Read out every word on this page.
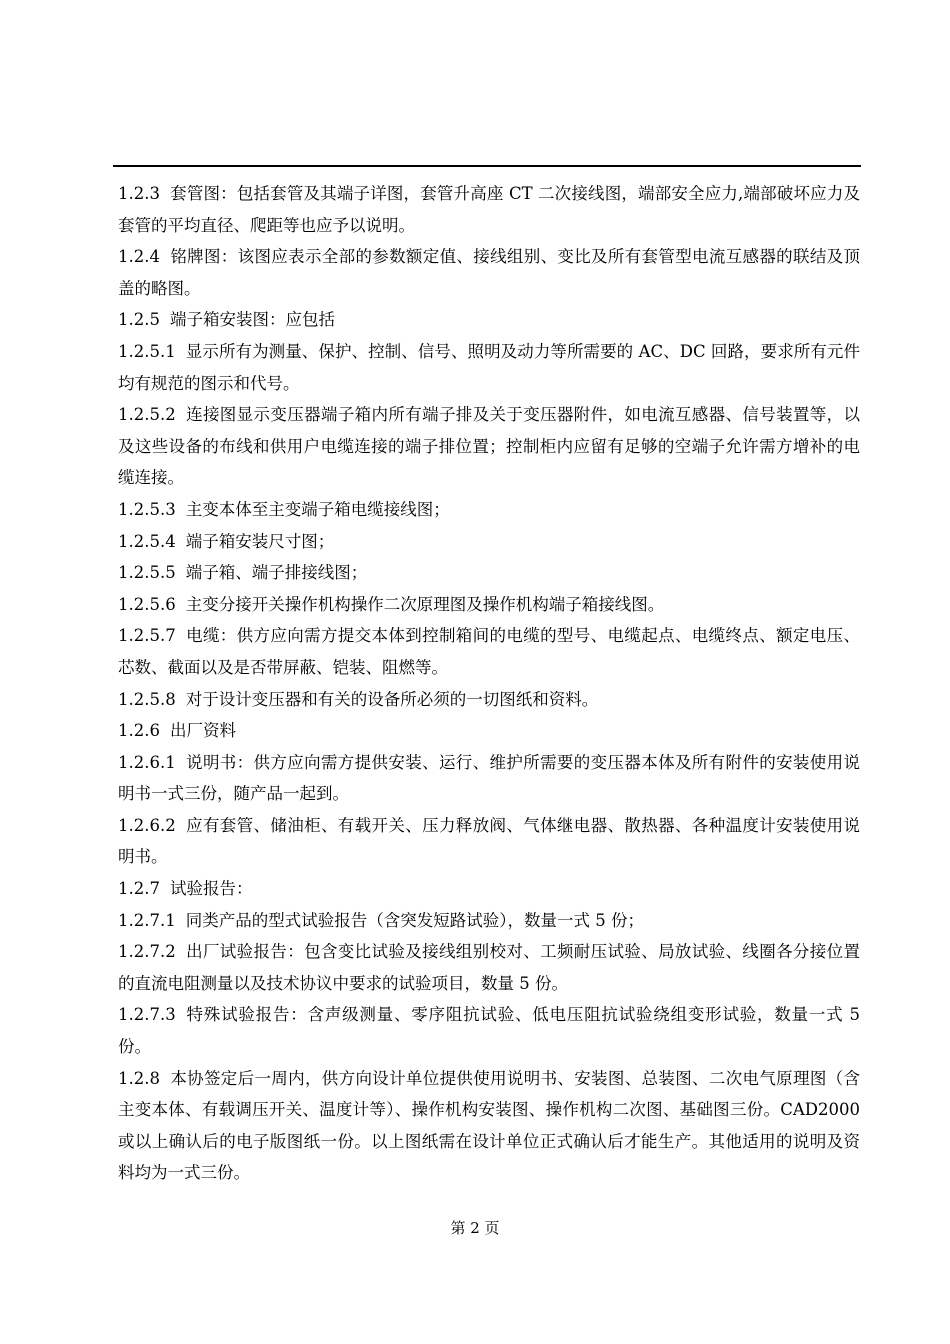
1.2.3 套管图：包括套管及其端子详图，套管升高座 CT 二次接线图，端部安全应力,端部破坏应力及套管的平均直径、爬距等也应予以说明。

1.2.4 铭牌图：该图应表示全部的参数额定值、接线组别、变比及所有套管型电流互感器的联结及顶盖的略图。

1.2.5 端子箱安装图：应包括

1.2.5.1 显示所有为测量、保护、控制、信号、照明及动力等所需要的 AC、DC 回路，要求所有元件均有规范的图示和代号。

1.2.5.2 连接图显示变压器端子箱内所有端子排及关于变压器附件，如电流互感器、信号装置等，以及这些设备的布线和供用户电缆连接的端子排位置；控制柜内应留有足够的空端子允许需方增补的电缆连接。

1.2.5.3 主变本体至主变端子箱电缆接线图；

1.2.5.4 端子箱安装尺寸图；

1.2.5.5 端子箱、端子排接线图；

1.2.5.6 主变分接开关操作机构操作二次原理图及操作机构端子箱接线图。

1.2.5.7 电缆：供方应向需方提交本体到控制箱间的电缆的型号、电缆起点、电缆终点、额定电压、芯数、截面以及是否带屏蔽、铠装、阻燃等。

1.2.5.8 对于设计变压器和有关的设备所必须的一切图纸和资料。

1.2.6 出厂资料

1.2.6.1 说明书：供方应向需方提供安装、运行、维护所需要的变压器本体及所有附件的安装使用说明书一式三份，随产品一起到。

1.2.6.2 应有套管、储油柜、有载开关、压力释放阀、气体继电器、散热器、各种温度计安装使用说明书。

1.2.7 试验报告：

1.2.7.1 同类产品的型式试验报告（含突发短路试验），数量一式 5 份；

1.2.7.2 出厂试验报告：包含变比试验及接线组别校对、工频耐压试验、局放试验、线圈各分接位置的直流电阻测量以及技术协议中要求的试验项目，数量 5 份。

1.2.7.3 特殊试验报告：含声级测量、零序阻抗试验、低电压阻抗试验绕组变形试验，数量一式 5 份。

1.2.8 本协签定后一周内，供方向设计单位提供使用说明书、安装图、总装图、二次电气原理图（含主变本体、有载调压开关、温度计等）、操作机构安装图、操作机构二次图、基础图三份。CAD2000 或以上确认后的电子版图纸一份。以上图纸需在设计单位正式确认后才能生产。其他适用的说明及资料均为一式三份。

第 2 页
